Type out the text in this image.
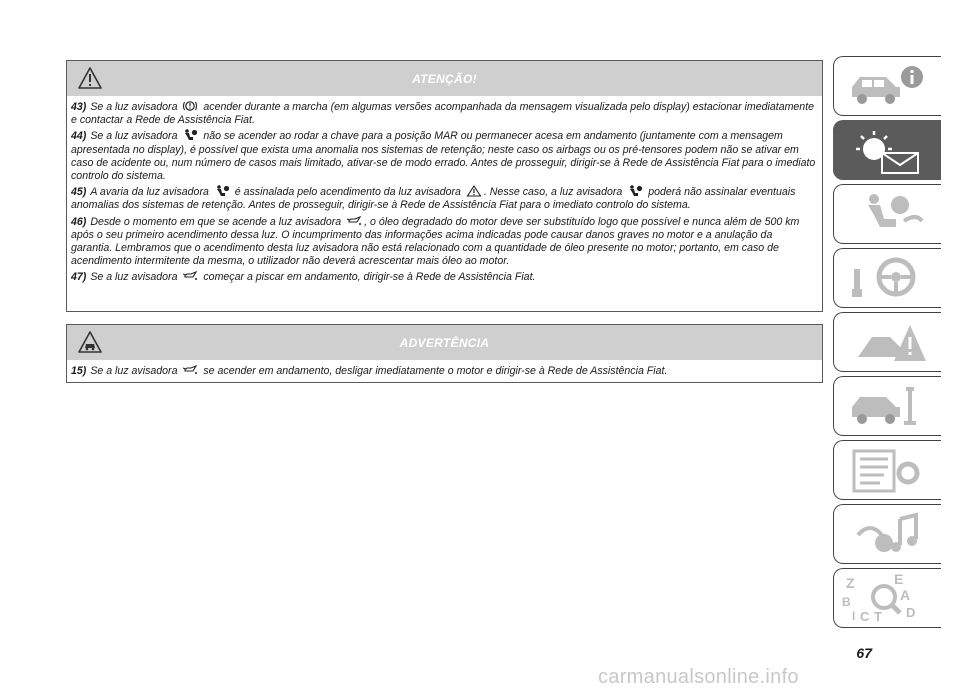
ATENÇÃO!
43) Se a luz avisadora acender durante a marcha (em algumas versões acompanhada da mensagem visualizada pelo display) estacionar imediatamente e contactar a Rede de Assistência Fiat.
44) Se a luz avisadora não se acender ao rodar a chave para a posição MAR ou permanecer acesa em andamento (juntamente com a mensagem apresentada no display), é possível que exista uma anomalia nos sistemas de retenção; neste caso os airbags ou os pré-tensores podem não se ativar em caso de acidente ou, num número de casos mais limitado, ativar-se de modo errado. Antes de prosseguir, dirigir-se à Rede de Assistência Fiat para o imediato controlo do sistema.
45) A avaria da luz avisadora é assinalada pelo acendimento da luz avisadora . Nesse caso, a luz avisadora poderá não assinalar eventuais anomalias dos sistemas de retenção. Antes de prosseguir, dirigir-se à Rede de Assistência Fiat para o imediato controlo do sistema.
46) Desde o momento em que se acende a luz avisadora , o óleo degradado do motor deve ser substituído logo que possível e nunca além de 500 km após o seu primeiro acendimento dessa luz. O incumprimento das informações acima indicadas pode causar danos graves no motor e a anulação da garantia. Lembramos que o acendimento desta luz avisadora não está relacionado com a quantidade de óleo presente no motor; portanto, em caso de acendimento intermitente da mesma, o utilizador não deverá acrescentar mais óleo ao motor.
47) Se a luz avisadora começar a piscar em andamento, dirigir-se à Rede de Assistência Fiat.
ADVERTÊNCIA
15) Se a luz avisadora se acender em andamento, desligar imediatamente o motor e dirigir-se à Rede de Assistência Fiat.
Z	E
A
B
C	D
I T
67
carmanualsonline.info
